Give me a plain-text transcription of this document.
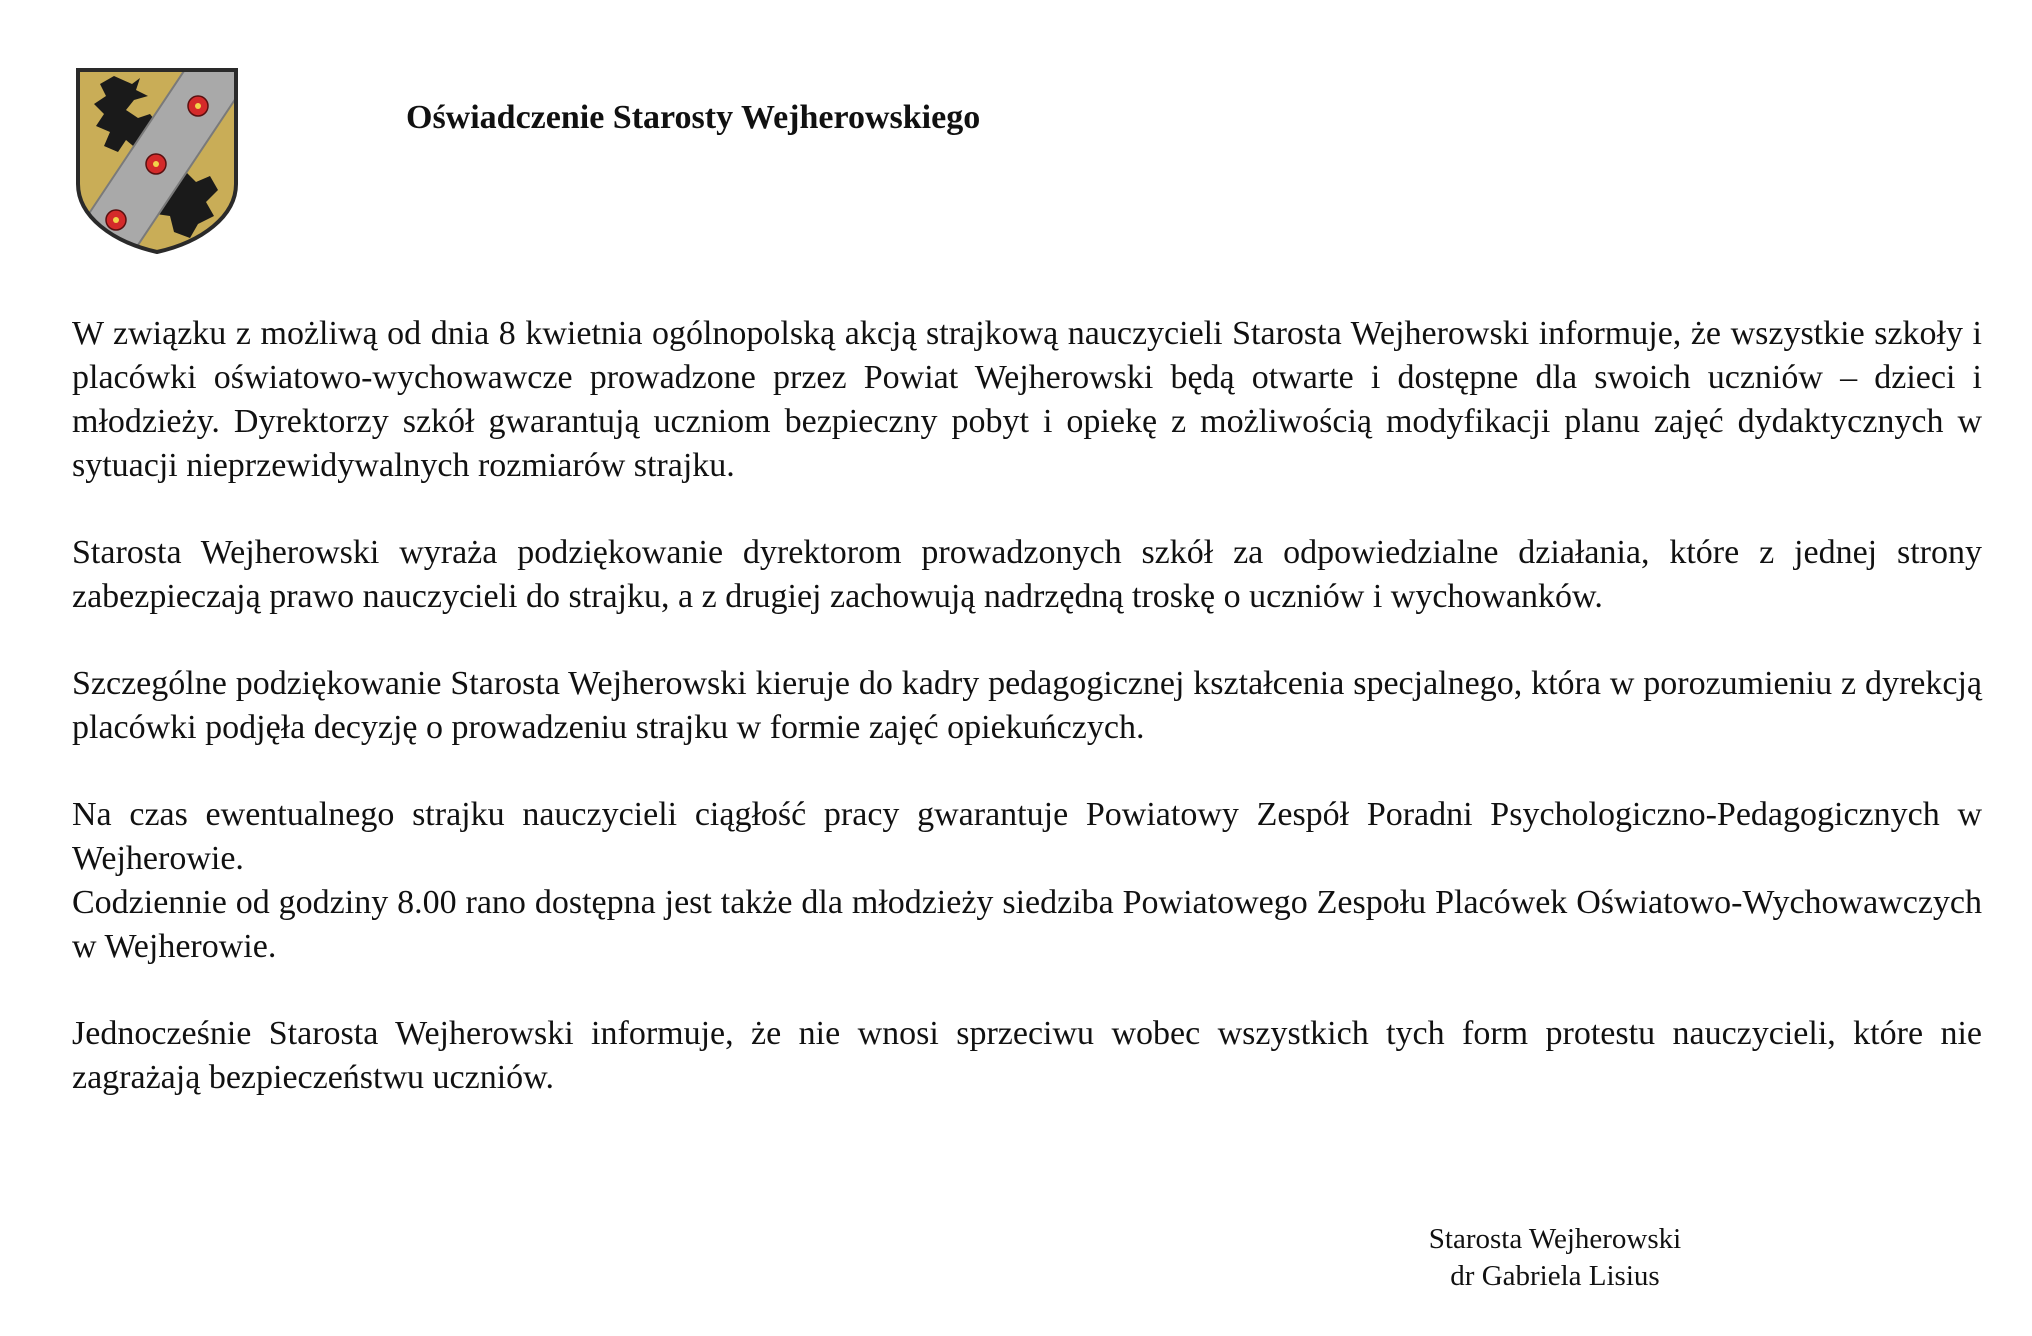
Oświadczenie Starosty Wejherowskiego

W związku z możliwą od dnia 8 kwietnia ogólnopolską akcją strajkową nauczycieli Starosta Wejherowski informuje, że wszystkie szkoły i placówki oświatowo-wychowawcze prowadzone przez Powiat Wejherowski będą otwarte i dostępne dla swoich uczniów – dzieci i młodzieży. Dyrektorzy szkół gwarantują uczniom bezpieczny pobyt i opiekę z możliwością modyfikacji planu zajęć dydaktycznych w sytuacji nieprzewidywalnych rozmiarów strajku.

Starosta Wejherowski wyraża podziękowanie dyrektorom prowadzonych szkół za odpowiedzialne działania, które z jednej strony zabezpieczają prawo nauczycieli do strajku, a z drugiej zachowują nadrzędną troskę o uczniów i wychowanków.

Szczególne podziękowanie Starosta Wejherowski kieruje do kadry pedagogicznej kształcenia specjalnego, która w porozumieniu z dyrekcją placówki podjęła decyzję o prowadzeniu strajku w formie zajęć opiekuńczych.

Na czas ewentualnego strajku nauczycieli ciągłość pracy gwarantuje Powiatowy Zespół Poradni Psychologiczno-Pedagogicznych w Wejherowie.

Codziennie od godziny 8.00 rano dostępna jest także dla młodzieży siedziba Powiatowego Zespołu Placówek Oświatowo-Wychowawczych w Wejherowie.

Jednocześnie Starosta Wejherowski informuje, że nie wnosi sprzeciwu wobec wszystkich tych form protestu nauczycieli, które nie zagrażają bezpieczeństwu uczniów.

Starosta Wejherowski
dr Gabriela Lisius
